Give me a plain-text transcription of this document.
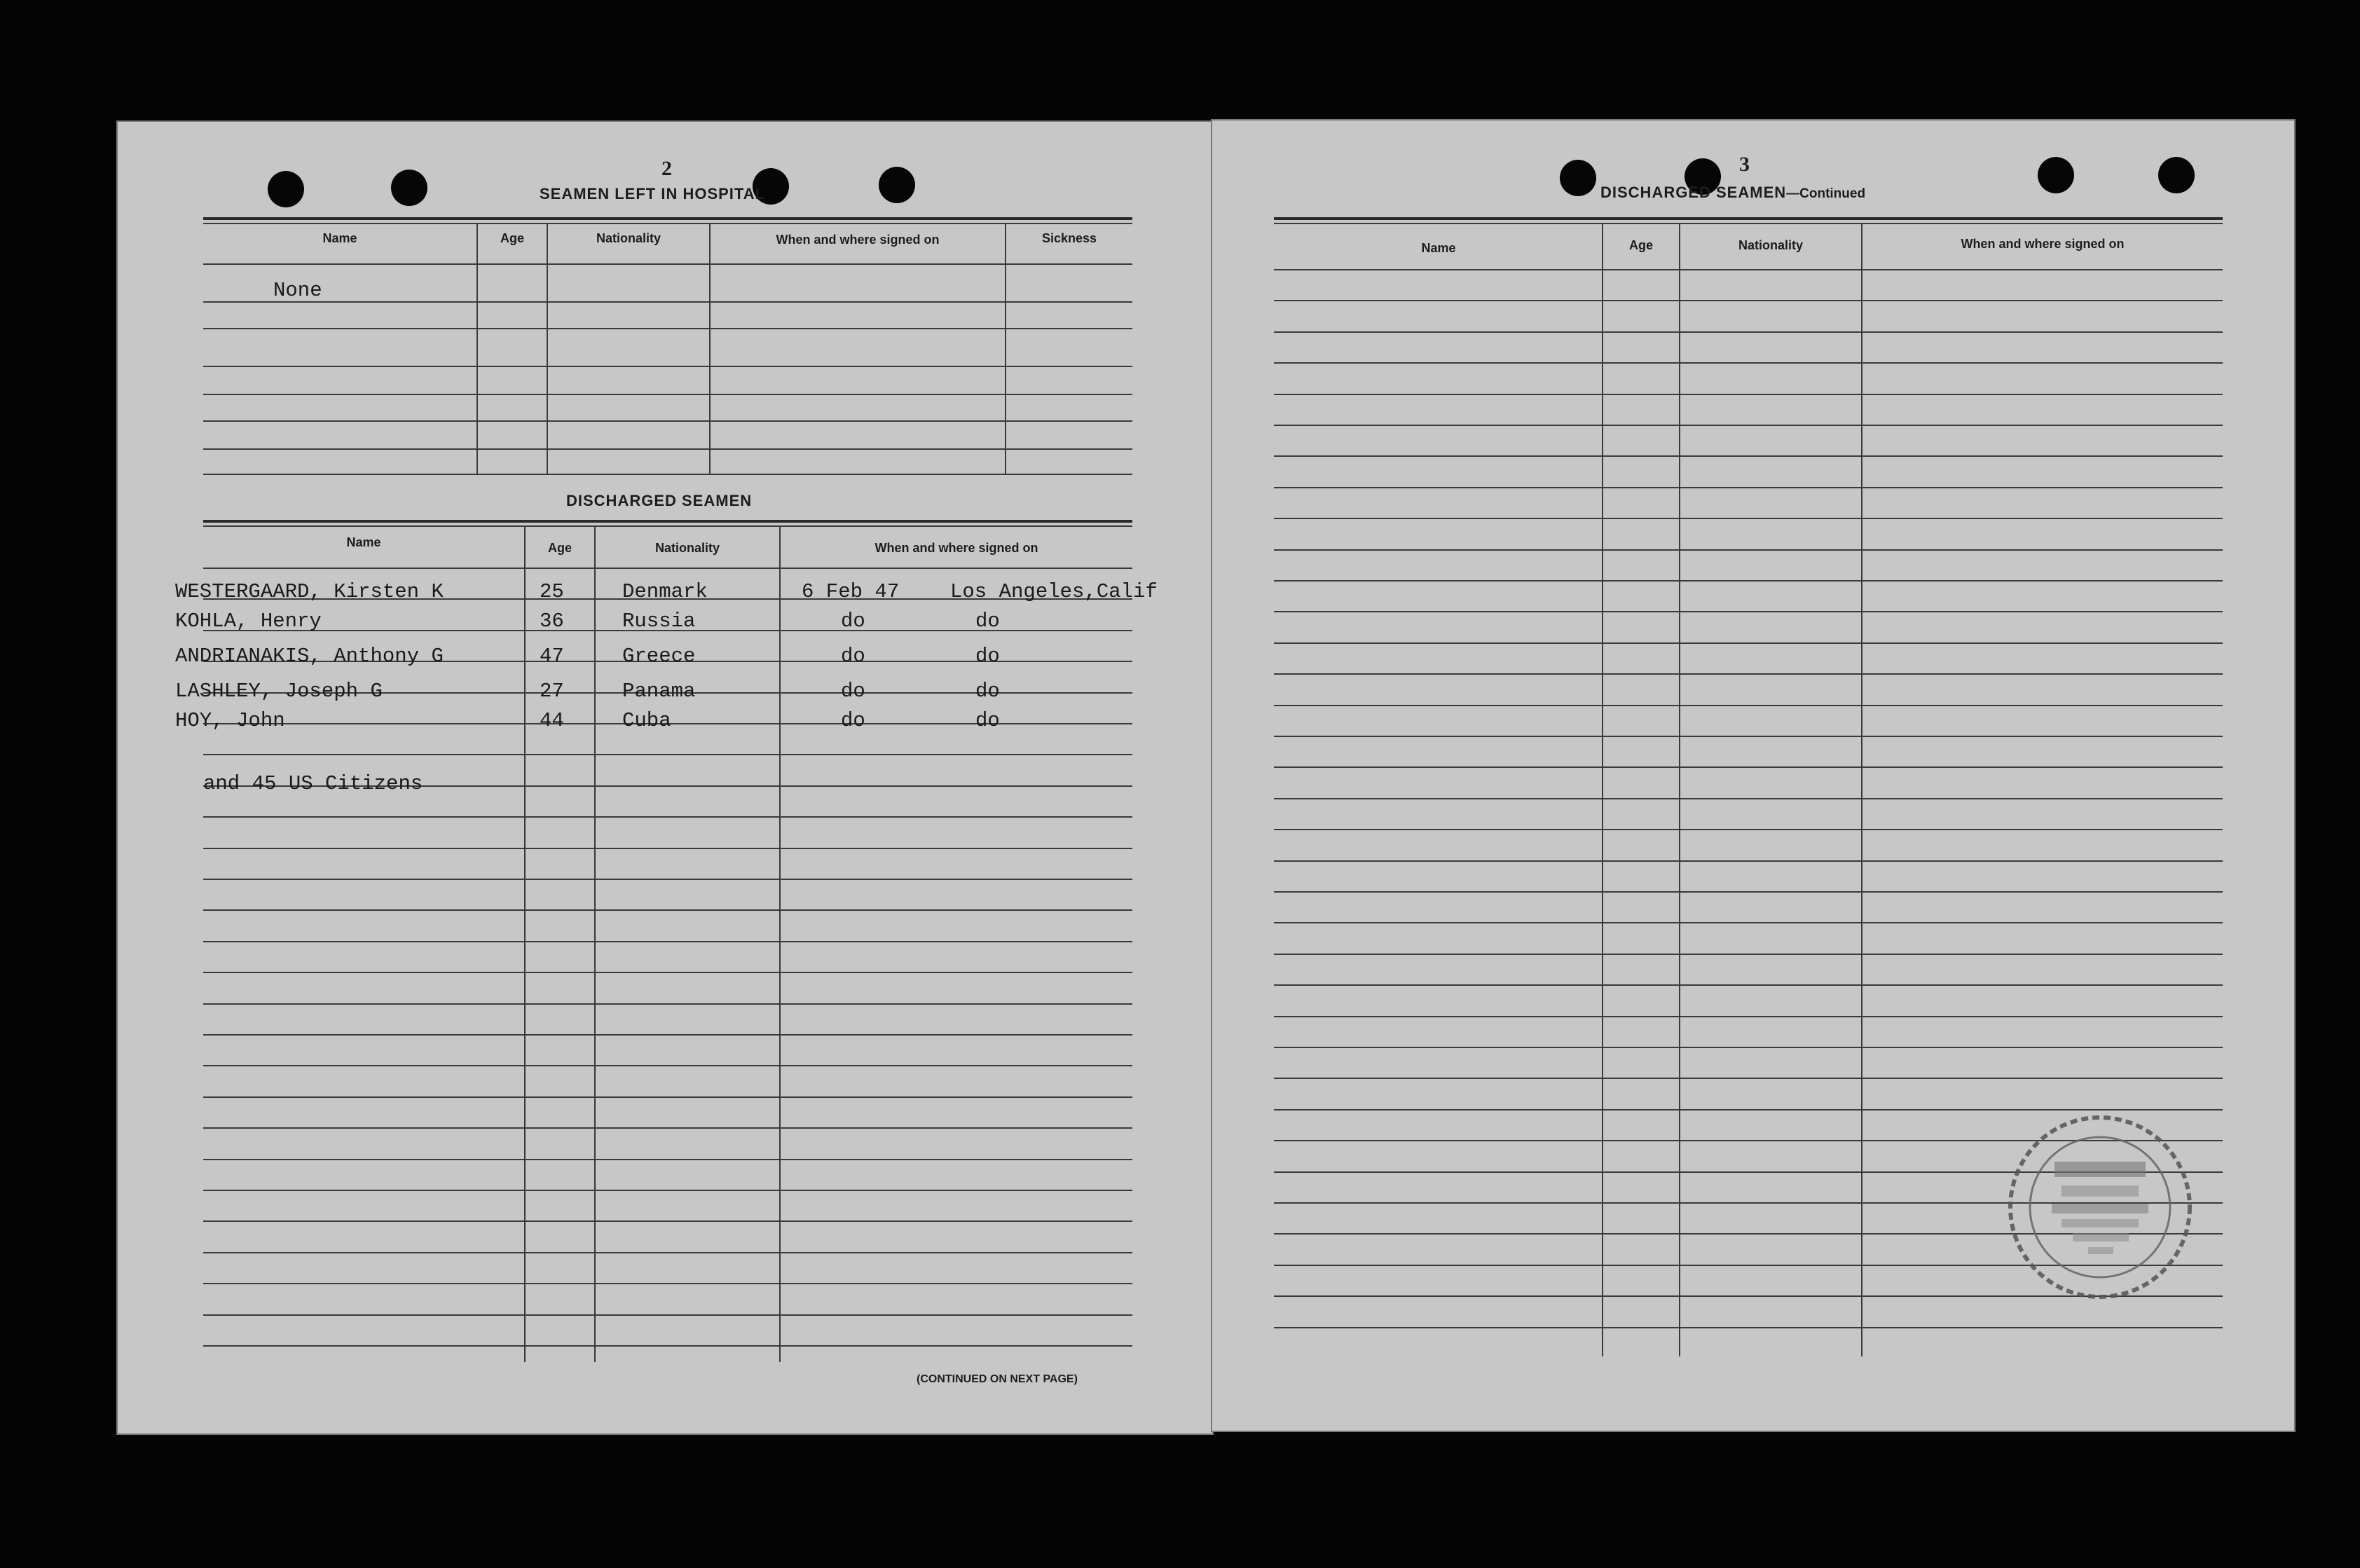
2
SEAMEN LEFT IN HOSPITAL
Name	Age	Nationality	When and where signed on	Sickness
None
DISCHARGED SEAMEN
Name	Age	Nationality	When and where signed on
WESTERGAARD, Kirsten K	25	Denmark	6 Feb 47	Los Angeles,Calif
KOHLA, Henry	36	Russia	do	do
ANDRIANAKIS, Anthony G	47	Greece	do	do
LASHLEY, Joseph G	27	Panama	do	do
HOY, John	44	Cuba	do	do
and 45 US Citizens
(CONTINUED ON NEXT PAGE)
3
DISCHARGED SEAMEN—Continued
Name	Age	Nationality	When and where signed on
